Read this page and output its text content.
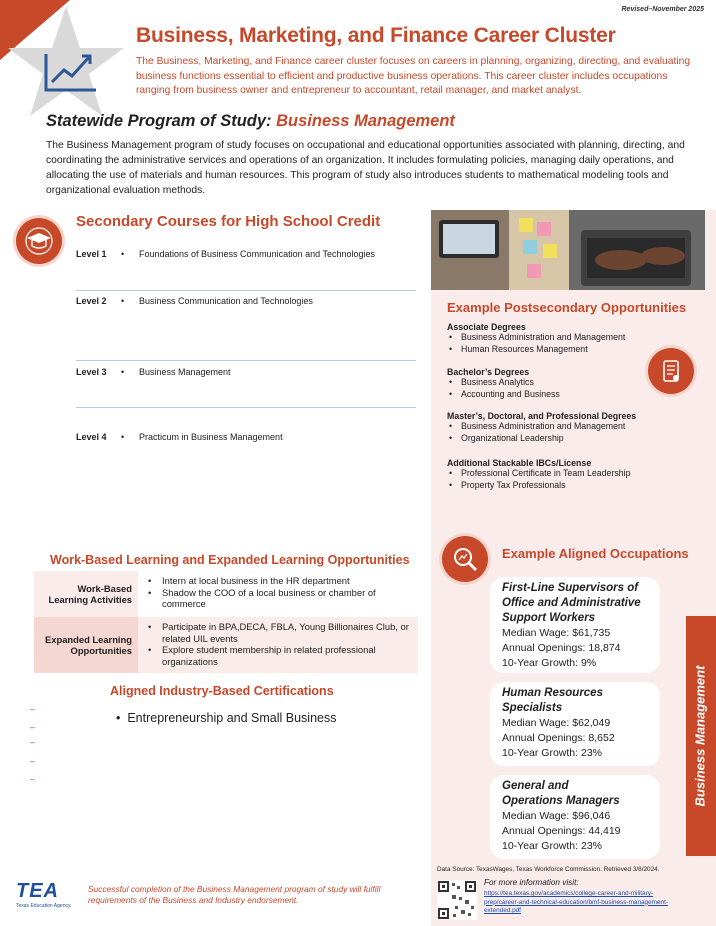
Revised–November 2025
Business, Marketing, and Finance Career Cluster
The Business, Marketing, and Finance career cluster focuses on careers in planning, organizing, directing, and evaluating business functions essential to efficient and productive business operations. This career cluster includes occupations ranging from business owner and entrepreneur to accountant, retail manager, and market analyst.
Statewide Program of Study: Business Management
The Business Management program of study focuses on occupational and educational opportunities associated with planning, directing, and coordinating the administrative services and operations of an organization. It includes formulating policies, managing daily operations, and allocating the use of materials and human resources. This program of study also introduces students to mathematical modeling tools and organizational evaluation methods.
Secondary Courses for High School Credit
Level 1 • Foundations of Business Communication and Technologies
Level 2 • Business Communication and Technologies
Level 3 • Business Management
Level 4 • Practicum in Business Management
Example Postsecondary Opportunities
Associate Degrees
• Business Administration and Management
• Human Resources Management
Bachelor’s Degrees
• Business Analytics
• Accounting and Business
Master’s, Doctoral, and Professional Degrees
• Business Administration and Management
• Organizational Leadership
Additional Stackable IBCs/License
• Professional Certificate in Team Leadership
• Property Tax Professionals
Example Aligned Occupations
First-Line Supervisors of
Office and Administrative
Support Workers
Median Wage: $61,735
Annual Openings: 18,874
10-Year Growth: 9%
Human Resources
Specialists
Median Wage: $62,049
Annual Openings: 8,652
10-Year Growth: 23%
General and
Operations Managers
Median Wage: $96,046
Annual Openings: 44,419
10-Year Growth: 23%
Business Management
Work-Based Learning and Expanded Learning Opportunities
Work-Based
Learning Activities
• Intern at local business in the HR department
• Shadow the COO of a local business or chamber of commerce
Expanded Learning
Opportunities
• Participate in BPA,DECA, FBLA, Young Billionaires Club, or related UIL events
• Explore student membership in related professional organizations
Aligned Industry-Based Certifications
•  Entrepreneurship and Small Business
–
–
–
–
–
TEA
Texas Education Agency
Successful completion of the Business Management program of study will fulfill requirements of the Business and Industry endorsement.
Data Source: TexasWages, Texas Workforce Commission. Retrieved 3/8/2024.
For more information visit:
https://tea.texas.gov/academics/college-career-and-military-prep/career-and-technical-education/bmf-business-management-extended.pdf
